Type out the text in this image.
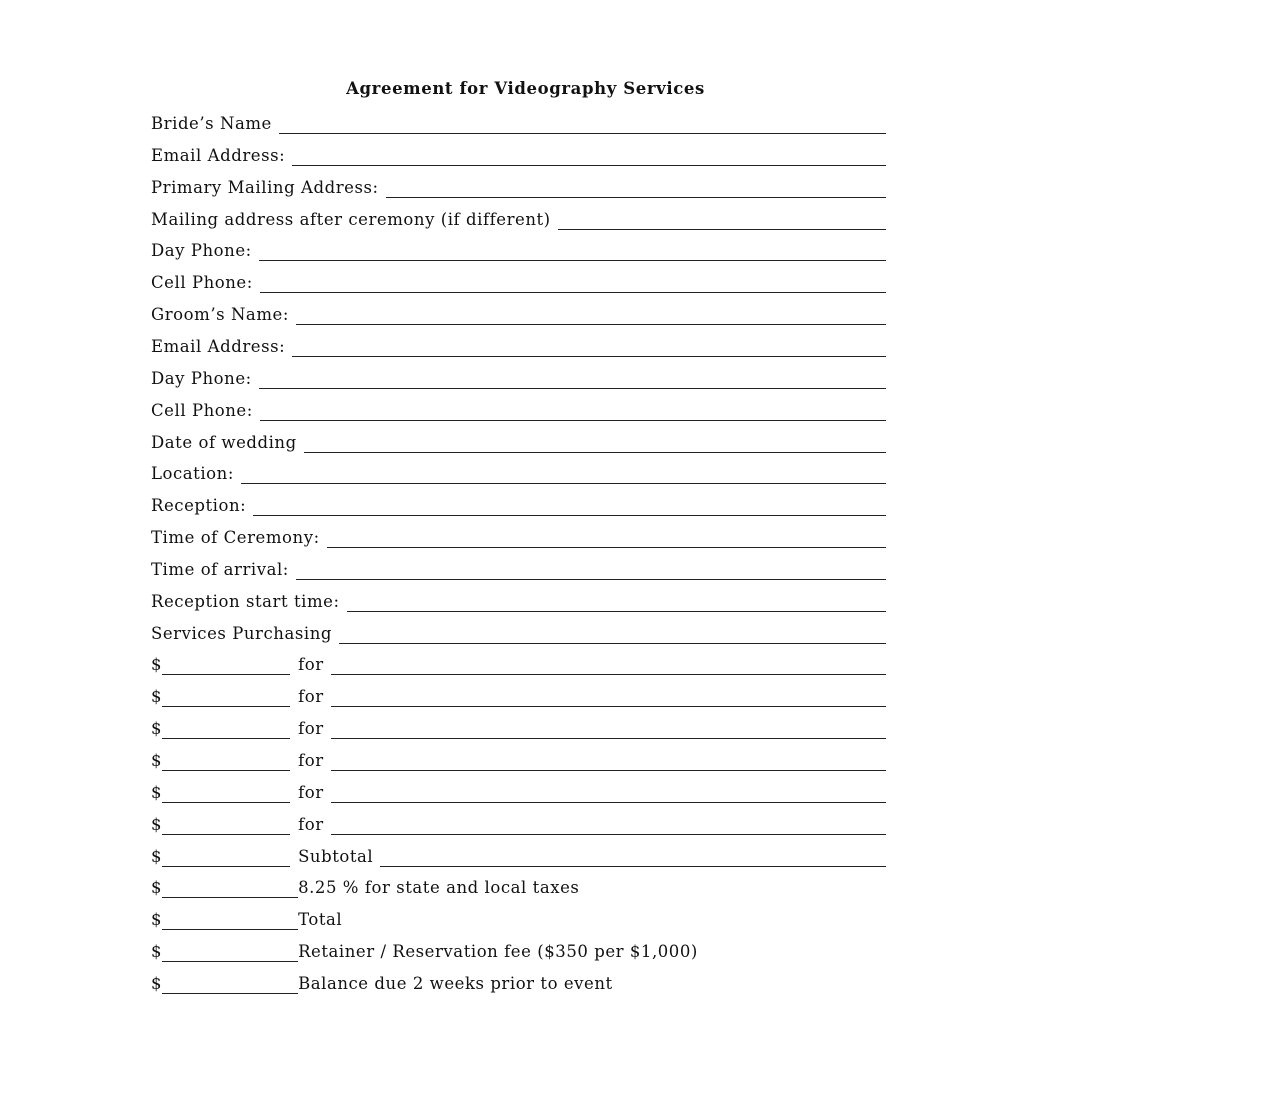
Agreement for Videography Services
Bride’s Name
Email Address:
Primary Mailing Address:
Mailing address after ceremony (if different)
Day Phone:
Cell Phone:
Groom’s Name:
Email Address:
Day Phone:
Cell Phone:
Date of wedding
Location:
Reception:
Time of Ceremony:
Time of arrival:
Reception start time:
Services Purchasing
$	for
$	for
$	for
$	for
$	for
$	for
$	Subtotal
$	8.25 % for state and local taxes
$	Total
$	Retainer / Reservation fee ($350 per $1,000)
$	Balance due 2 weeks prior to event
